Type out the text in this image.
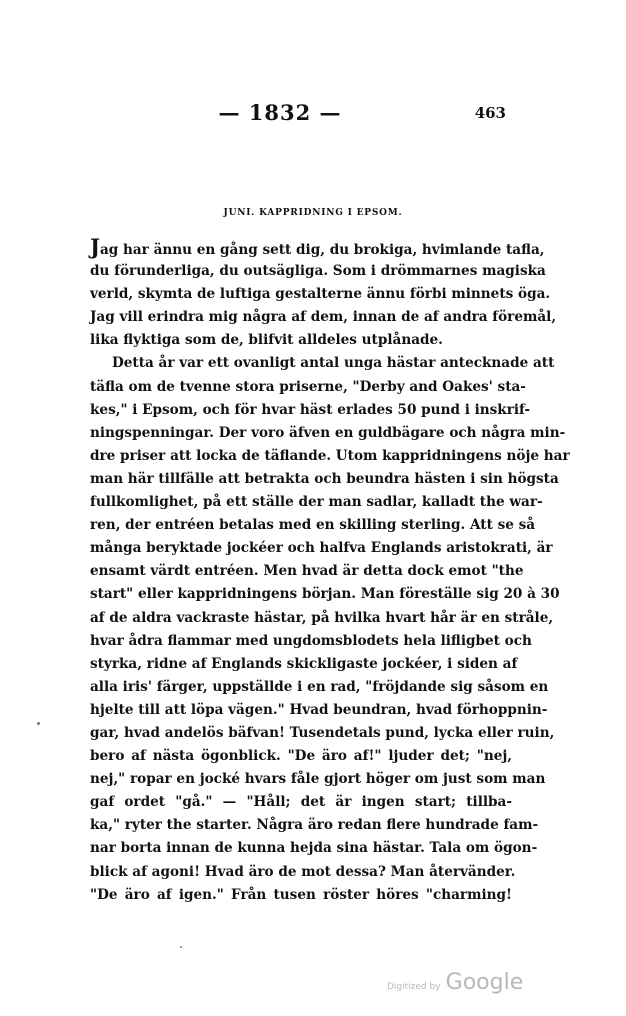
— 1832 —	463
JUNI. KAPPRIDNING I EPSOM.
Jag har ännu en gång sett dig, du brokiga, hvimlande tafla,
du förunderliga, du outsägliga. Som i drömmarnes magiska
verld, skymta de luftiga gestalterne ännu förbi minnets öga.
Jag vill erindra mig några af dem, innan de af andra föremål,
lika flyktiga som de, blifvit alldeles utplånade.
Detta år var ett ovanligt antal unga hästar antecknade att
täfla om de tvenne stora priserne, "Derby and Oakes' sta-
kes," i Epsom, och för hvar häst erlades 50 pund i inskrif-
ningspenningar. Der voro äfven en guldbägare och några min-
dre priser att locka de täflande. Utom kappridningens nöje har
man här tillfälle att betrakta och beundra hästen i sin högsta
fullkomlighet, på ett ställe der man sadlar, kalladt the war-
ren, der entréen betalas med en skilling sterling. Att se så
många beryktade jockéer och halfva Englands aristokrati, är
ensamt värdt entréen. Men hvad är detta dock emot "the
start" eller kappridningens början. Man föreställe sig 20 à 30
af de aldra vackraste hästar, på hvilka hvart hår är en stråle,
hvar ådra flammar med ungdomsblodets hela lifligbet och
styrka, ridne af Englands skickligaste jockéer, i siden af
alla iris' färger, uppställde i en rad, "fröjdande sig såsom en
hjelte till att löpa vägen." Hvad beundran, hvad förhoppnin-
gar, hvad andelös bäfvan! Tusendetals pund, lycka eller ruin,
bero af nästa ögonblick. "De äro af!" ljuder det; "nej,
nej," ropar en jocké hvars fåle gjort höger om just som man
gaf ordet "gå." — "Håll; det är ingen start; tillba-
ka," ryter the starter. Några äro redan flere hundrade fam-
nar borta innan de kunna hejda sina hästar. Tala om ögon-
blick af agoni! Hvad äro de mot dessa? Man återvänder.
"De äro af igen." Från tusen röster höres "charming!
Digitized by Google
